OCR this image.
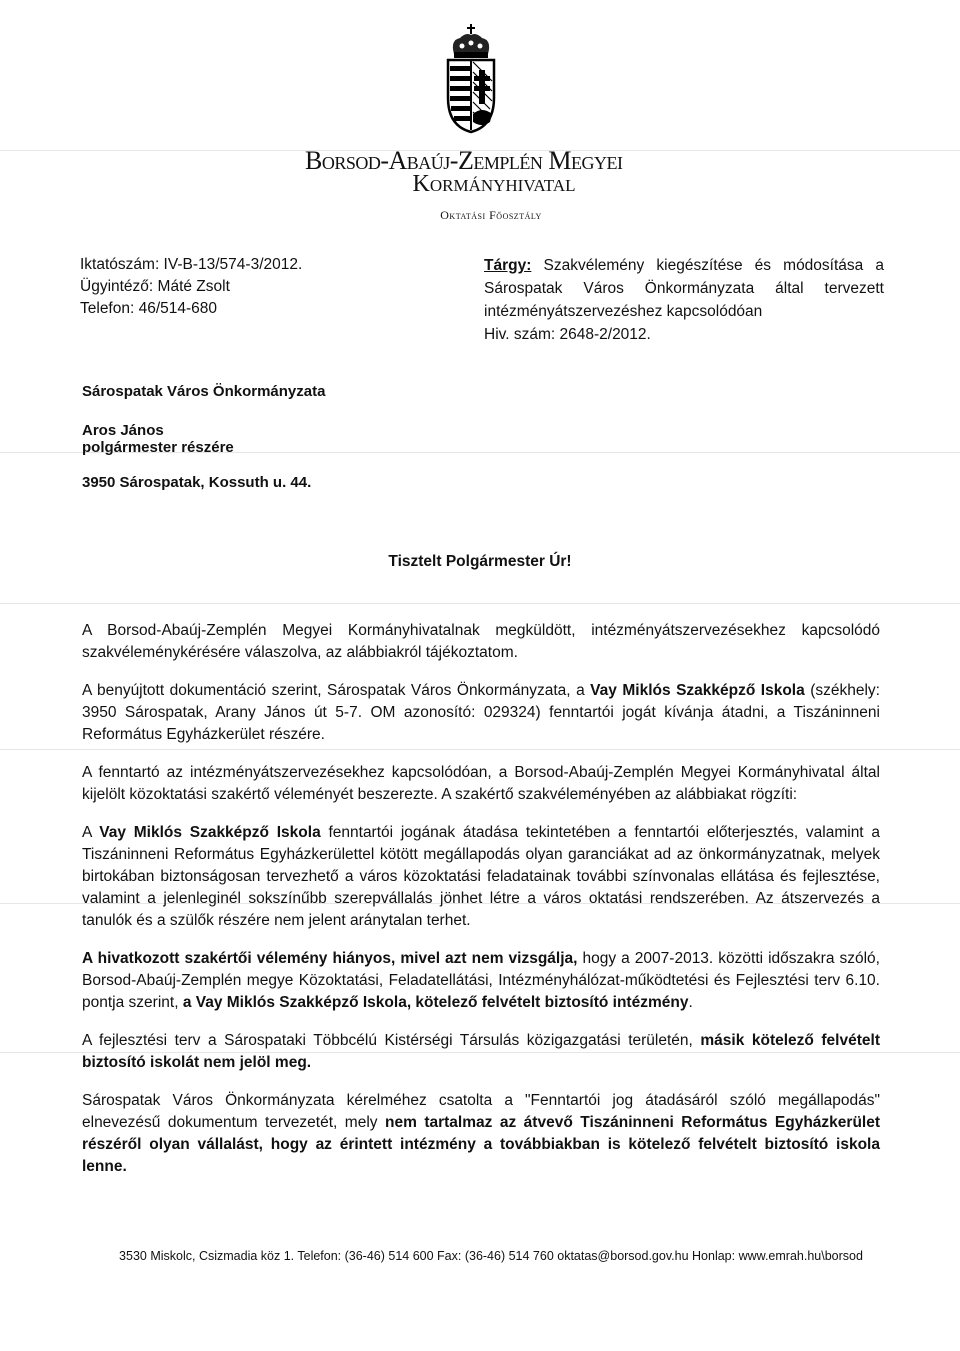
Borsod-Abaúj-Zemplén Megyei
Kormányhivatal
Oktatási Főosztály
Iktatószám: IV-B-13/574-3/2012.
Ügyintéző: Máté Zsolt
Telefon: 46/514-680
Tárgy: Szakvélemény kiegészítése és módosítása a Sárospatak Város Önkormányzata által tervezett intézményátszervezéshez kapcsolódóan
Hiv. szám: 2648-2/2012.
Sárospatak Város Önkormányzata
Aros János
polgármester részére
3950 Sárospatak, Kossuth u. 44.
Tisztelt Polgármester Úr!

A Borsod-Abaúj-Zemplén Megyei Kormányhivatalnak megküldött, intézményátszervezésekhez kapcsolódó szakvéleménykérésére válaszolva, az alábbiakról tájékoztatom.

A benyújtott dokumentáció szerint, Sárospatak Város Önkormányzata, a Vay Miklós Szakképző Iskola (székhely: 3950 Sárospatak, Arany János út 5-7. OM azonosító: 029324) fenntartói jogát kívánja átadni, a Tiszáninneni Református Egyházkerület részére.

A fenntartó az intézményátszervezésekhez kapcsolódóan, a Borsod-Abaúj-Zemplén Megyei Kormányhivatal által kijelölt közoktatási szakértő véleményét beszerezte. A szakértő szakvéleményében az alábbiakat rögzíti:

A Vay Miklós Szakképző Iskola fenntartói jogának átadása tekintetében a fenntartói előterjesztés, valamint a Tiszáninneni Református Egyházkerülettel kötött megállapodás olyan garanciákat ad az önkormányzatnak, melyek birtokában biztonságosan tervezhető a város közoktatási feladatainak további színvonalas ellátása és fejlesztése, valamint a jelenleginél sokszínűbb szerepvállalás jönhet létre a város oktatási rendszerében. Az átszervezés a tanulók és a szülők részére nem jelent aránytalan terhet.

A hivatkozott szakértői vélemény hiányos, mivel azt nem vizsgálja, hogy a 2007-2013. közötti időszakra szóló, Borsod-Abaúj-Zemplén megye Közoktatási, Feladatellátási, Intézményhálózat-működtetési és Fejlesztési terv 6.10. pontja szerint, a Vay Miklós Szakképző Iskola, kötelező felvételt biztosító intézmény.

A fejlesztési terv a Sárospataki Többcélú Kistérségi Társulás közigazgatási területén, másik kötelező felvételt biztosító iskolát nem jelöl meg.

Sárospatak Város Önkormányzata kérelméhez csatolta a "Fenntartói jog átadásáról szóló megállapodás" elnevezésű dokumentum tervezetét, mely nem tartalmaz az átvevő Tiszáninneni Református Egyházkerület részéről olyan vállalást, hogy az érintett intézmény a továbbiakban is kötelező felvételt biztosító iskola lenne.

3530 Miskolc, Csizmadia köz 1. Telefon: (36-46) 514 600 Fax: (36-46) 514 760 oktatas@borsod.gov.hu Honlap: www.emrah.hu\borsod
